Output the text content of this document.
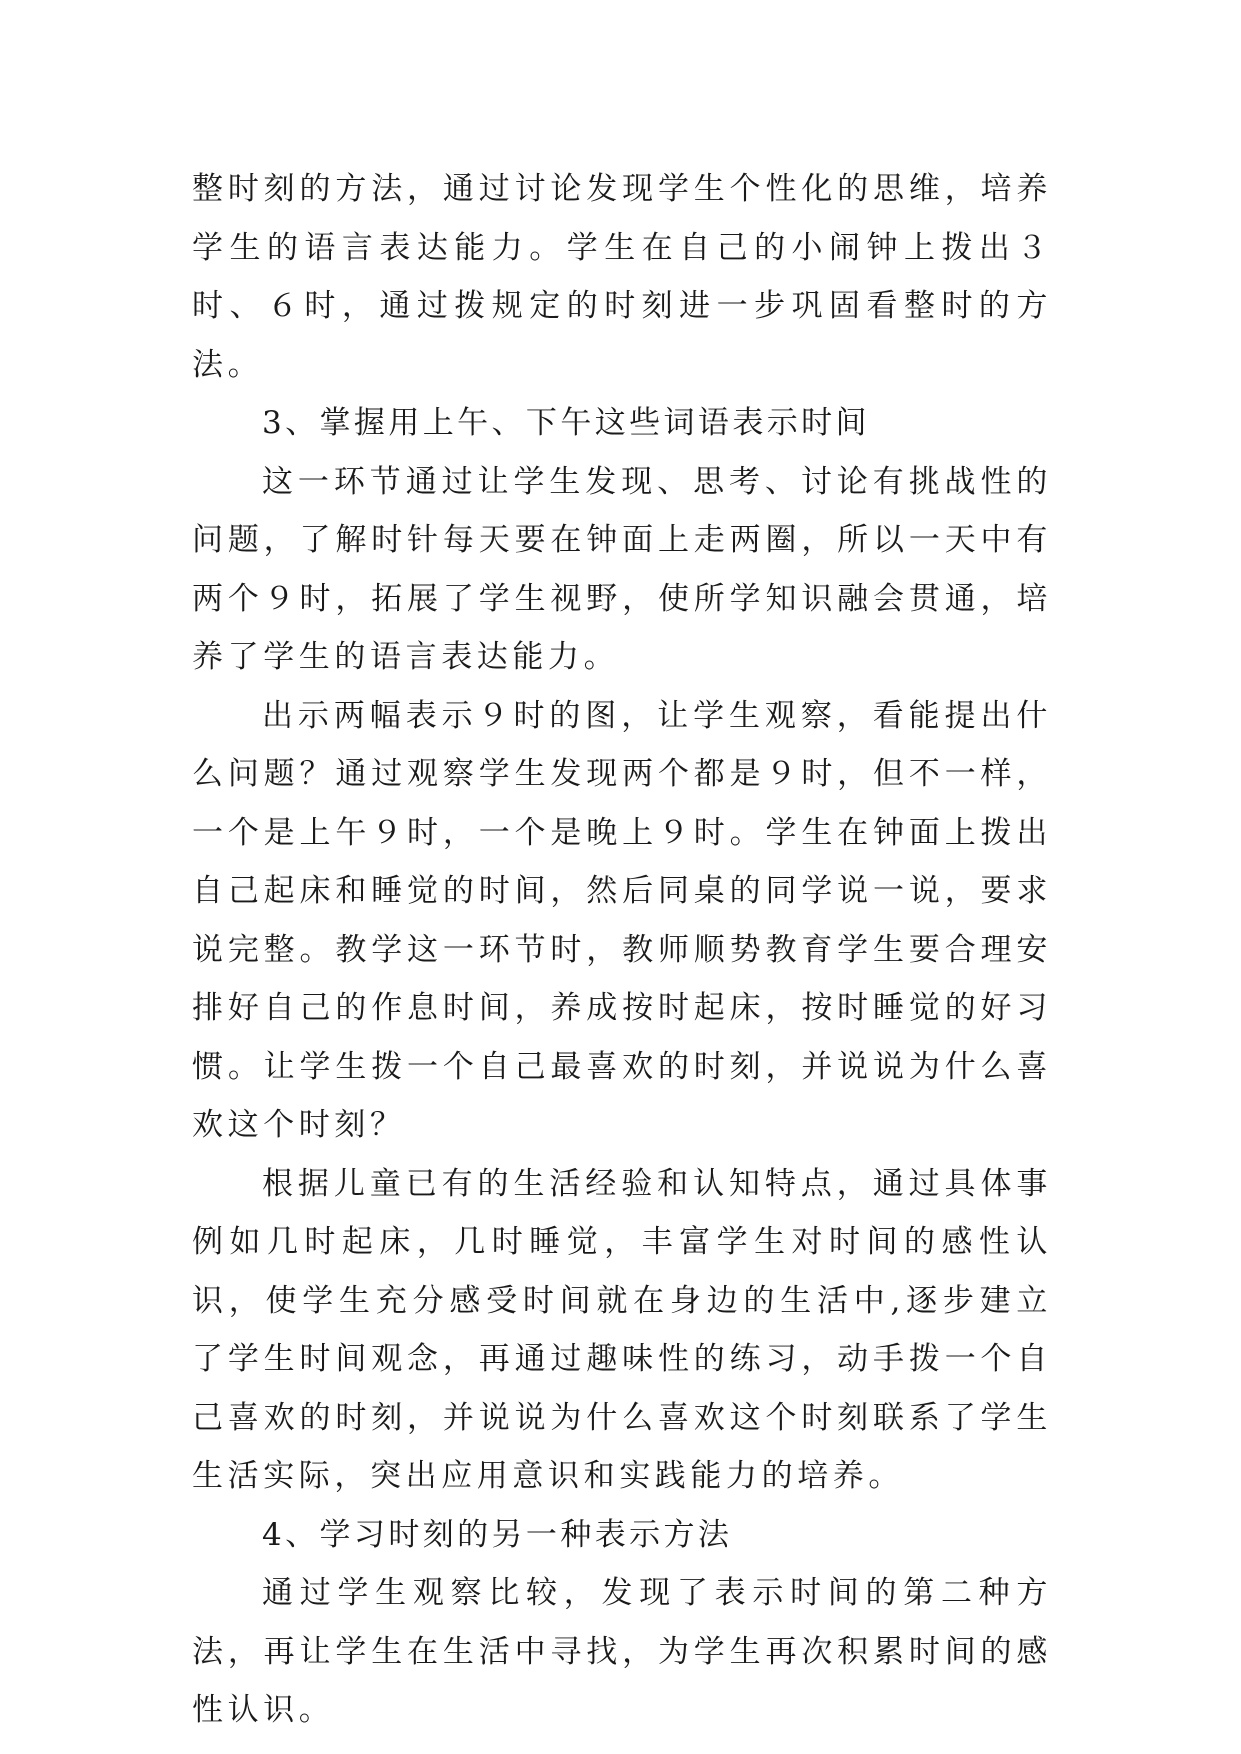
整时刻的方法，通过讨论发现学生个性化的思维，培养学生的语言表达能力。学生在自己的小闹钟上拨出３时、６时，通过拨规定的时刻进一步巩固看整时的方法。

3、掌握用上午、下午这些词语表示时间

这一环节通过让学生发现、思考、讨论有挑战性的问题，了解时针每天要在钟面上走两圈，所以一天中有两个９时，拓展了学生视野，使所学知识融会贯通，培养了学生的语言表达能力。

出示两幅表示９时的图，让学生观察，看能提出什么问题？通过观察学生发现两个都是９时，但不一样，一个是上午９时，一个是晚上９时。学生在钟面上拨出自己起床和睡觉的时间，然后同桌的同学说一说，要求说完整。教学这一环节时，教师顺势教育学生要合理安排好自己的作息时间，养成按时起床，按时睡觉的好习惯。让学生拨一个自己最喜欢的时刻，并说说为什么喜欢这个时刻？

根据儿童已有的生活经验和认知特点，通过具体事例如几时起床，几时睡觉，丰富学生对时间的感性认识，使学生充分感受时间就在身边的生活中,逐步建立了学生时间观念，再通过趣味性的练习，动手拨一个自己喜欢的时刻，并说说为什么喜欢这个时刻联系了学生生活实际，突出应用意识和实践能力的培养。

4、学习时刻的另一种表示方法

通过学生观察比较，发现了表示时间的第二种方法，再让学生在生活中寻找，为学生再次积累时间的感性认识。
